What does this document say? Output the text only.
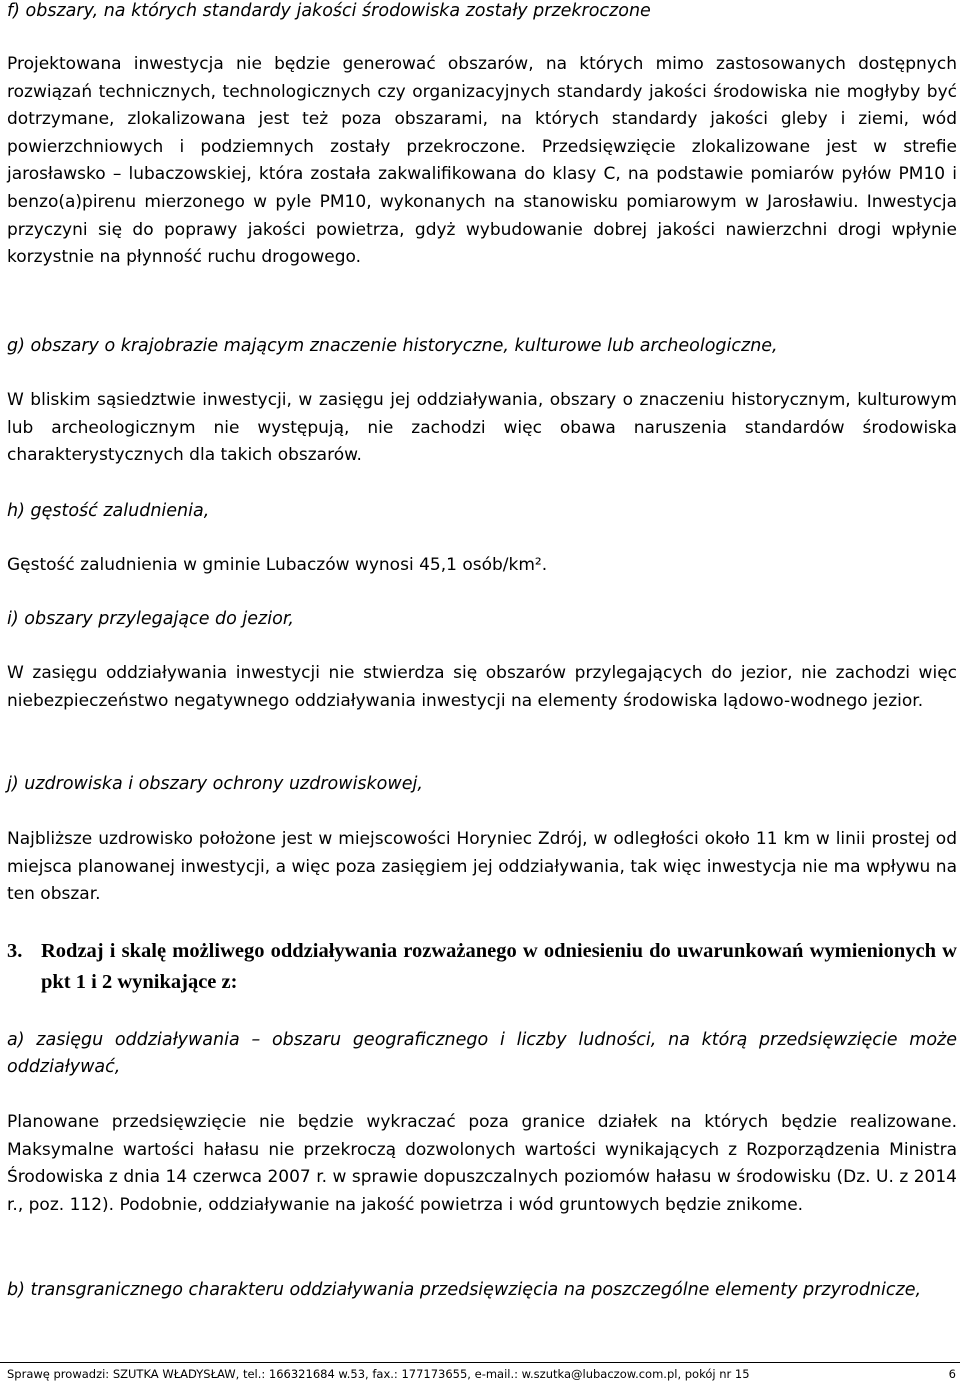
f) obszary, na których standardy jakości środowiska zostały przekroczone

Projektowana inwestycja nie będzie generować obszarów, na których mimo zastosowanych dostępnych rozwiązań technicznych, technologicznych czy organizacyjnych standardy jakości środowiska nie mogłyby być dotrzymane, zlokalizowana jest też poza obszarami, na których standardy jakości gleby i ziemi, wód powierzchniowych i podziemnych zostały przekroczone. Przedsięwzięcie zlokalizowane jest w strefie jarosławsko – lubaczowskiej, która została zakwalifikowana do klasy C, na podstawie pomiarów pyłów PM10 i benzo(a)pirenu mierzonego w pyle PM10, wykonanych na stanowisku pomiarowym w Jarosławiu. Inwestycja przyczyni się do poprawy jakości powietrza, gdyż wybudowanie dobrej jakości nawierzchni drogi wpłynie korzystnie na płynność ruchu drogowego.

g) obszary o krajobrazie mającym znaczenie historyczne, kulturowe lub archeologiczne,

W bliskim sąsiedztwie inwestycji, w zasięgu jej oddziaływania, obszary o znaczeniu historycznym, kulturowym lub archeologicznym nie występują, nie zachodzi więc obawa naruszenia standardów środowiska charakterystycznych dla takich obszarów.

h) gęstość zaludnienia,

Gęstość zaludnienia w gminie Lubaczów wynosi 45,1 osób/km².

i) obszary przylegające do jezior,

W zasięgu oddziaływania inwestycji nie stwierdza się obszarów przylegających do jezior, nie zachodzi więc niebezpieczeństwo negatywnego oddziaływania inwestycji na elementy środowiska lądowo-wodnego jezior.

j) uzdrowiska i obszary ochrony uzdrowiskowej,

Najbliższe uzdrowisko położone jest w miejscowości Horyniec Zdrój, w odległości około 11 km w linii prostej od miejsca planowanej inwestycji, a więc poza zasięgiem jej oddziaływania, tak więc inwestycja nie ma wpływu na ten obszar.

3. Rodzaj i skalę możliwego oddziaływania rozważanego w odniesieniu do uwarunkowań wymienionych w pkt 1 i 2 wynikające z:

a) zasięgu oddziaływania – obszaru geograficznego i liczby ludności, na którą przedsięwzięcie może oddziaływać,

Planowane przedsięwzięcie nie będzie wykraczać poza granice działek na których będzie realizowane. Maksymalne wartości hałasu nie przekroczą dozwolonych wartości wynikających z Rozporządzenia Ministra Środowiska z dnia 14 czerwca 2007 r. w sprawie dopuszczalnych poziomów hałasu w środowisku (Dz. U. z 2014 r., poz. 112). Podobnie, oddziaływanie na jakość powietrza i wód gruntowych będzie znikome.

b) transgranicznego charakteru oddziaływania przedsięwzięcia na poszczególne elementy przyrodnicze,

Sprawę prowadzi: SZUTKA WŁADYSŁAW, tel.: 166321684 w.53, fax.: 177173655, e-mail.: w.szutka@lubaczow.com.pl, pokój nr 15	6
